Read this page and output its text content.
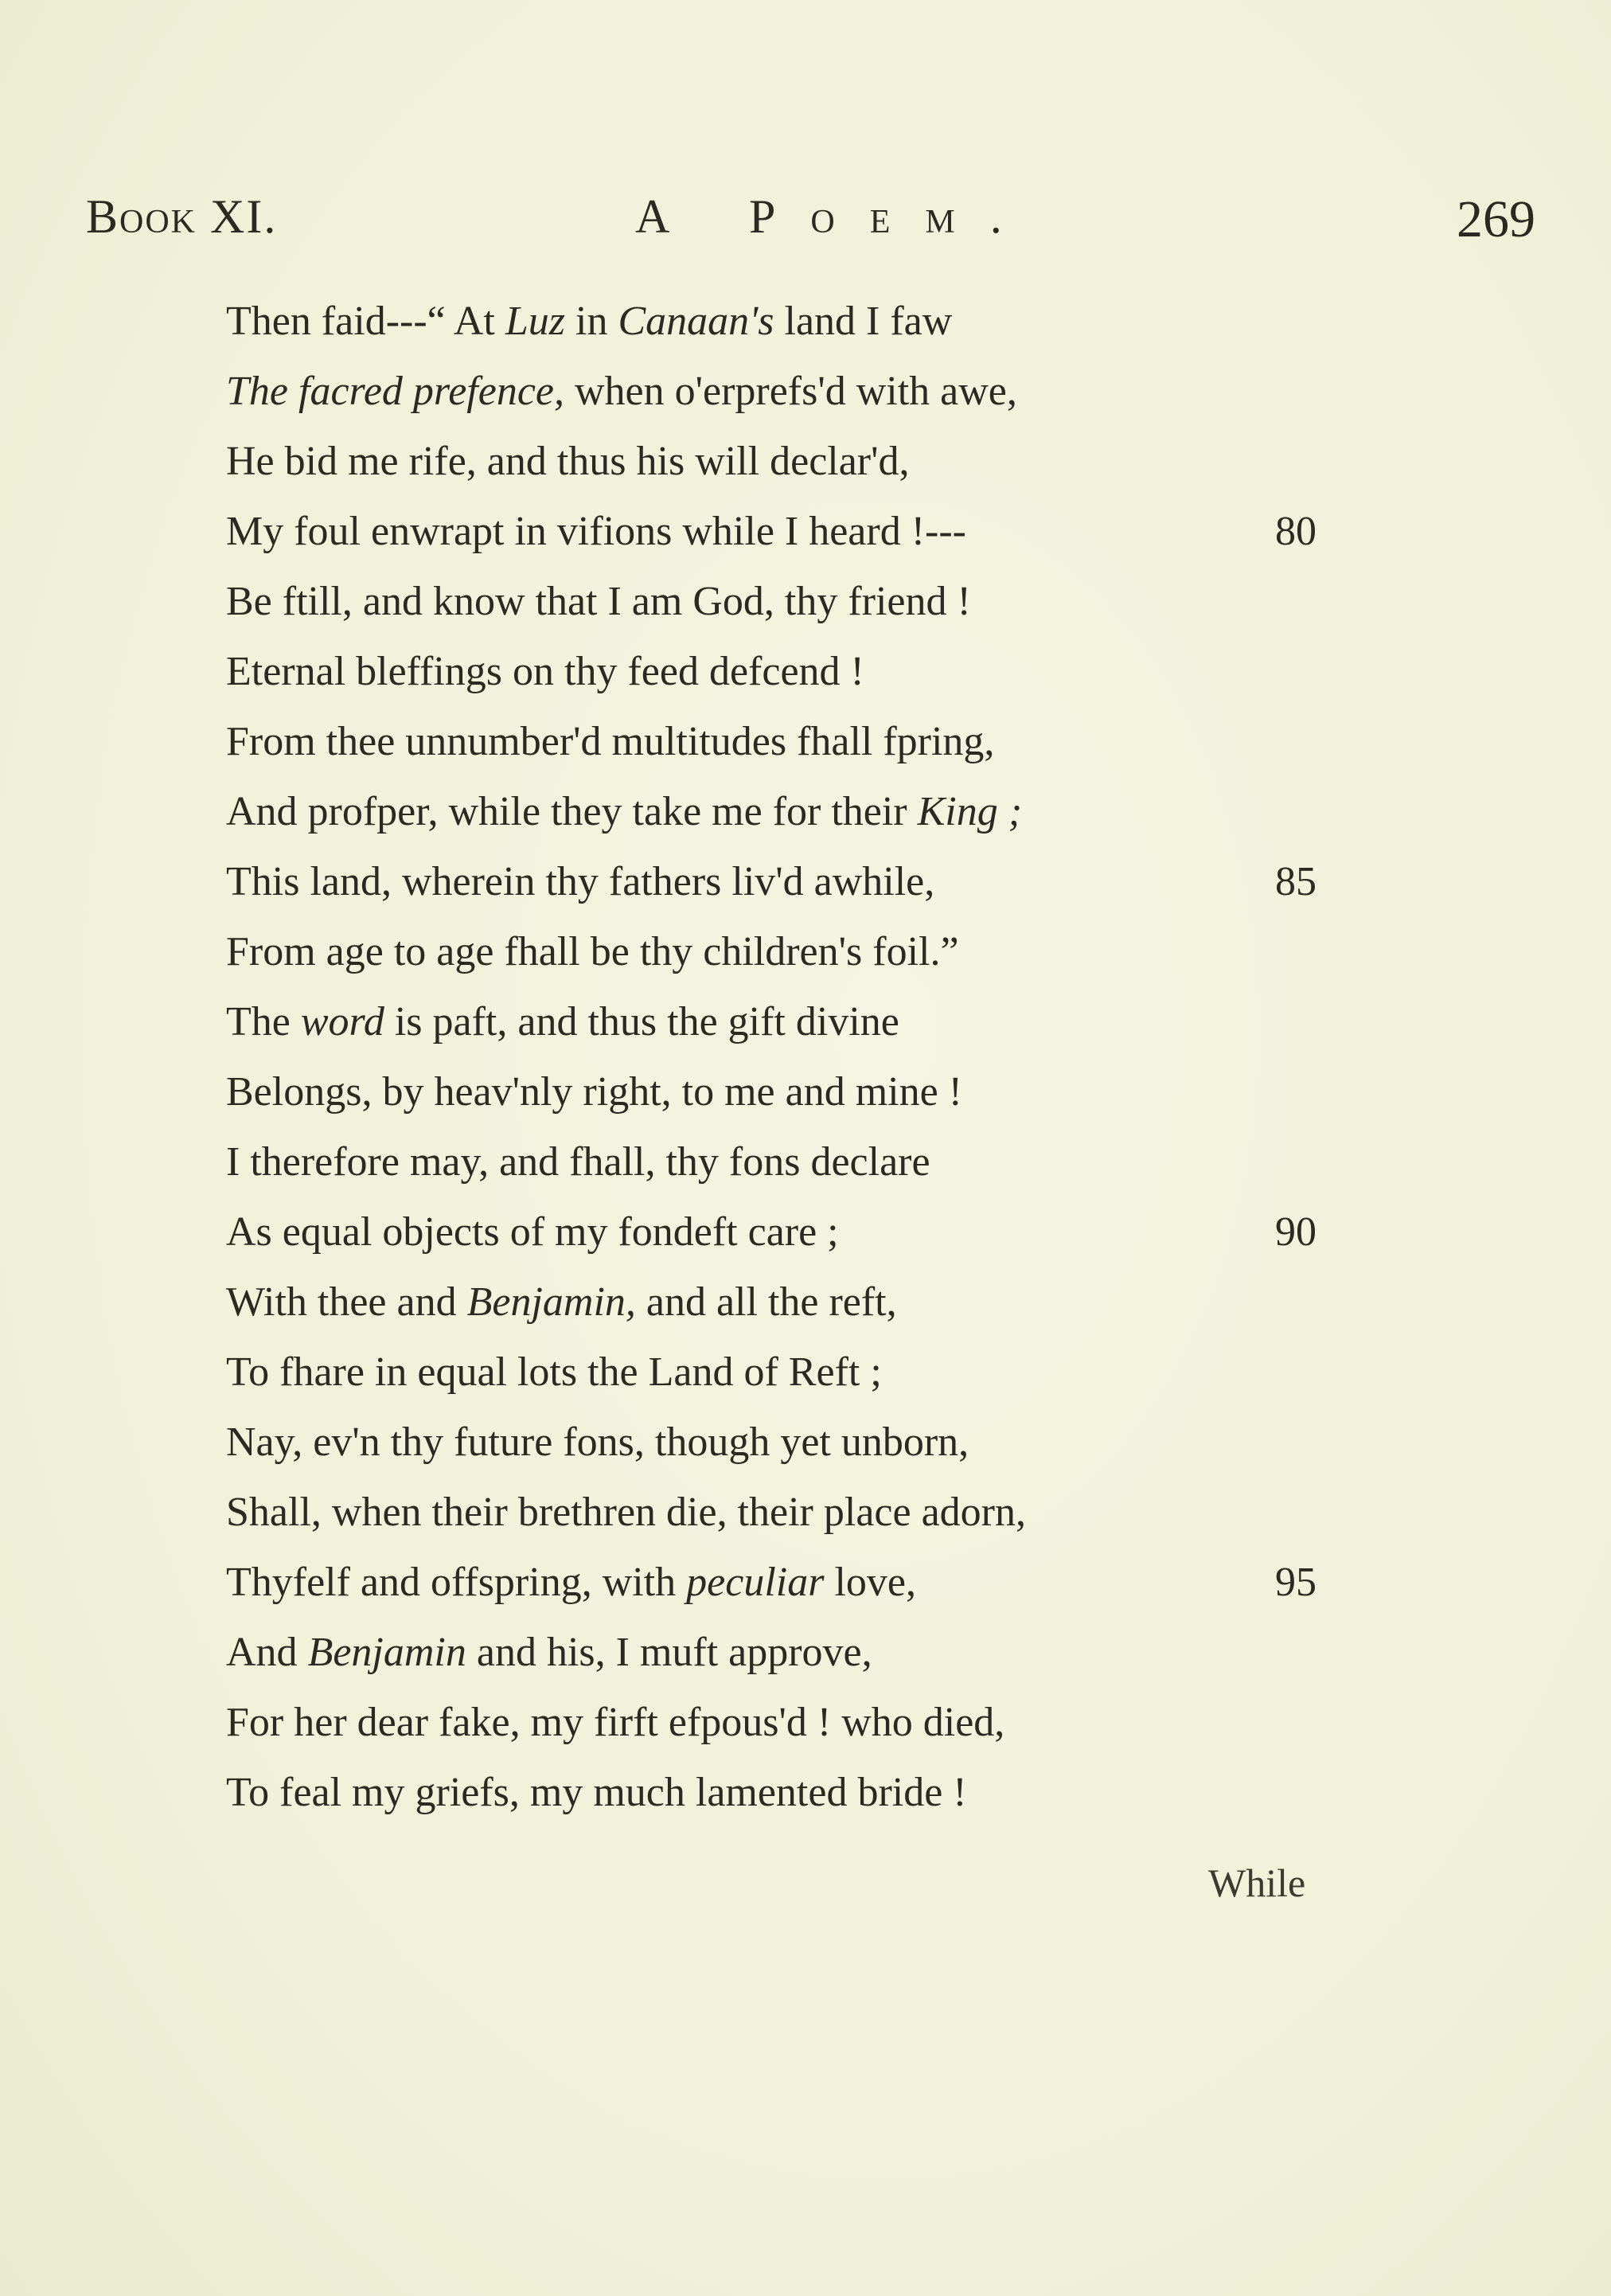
Book XI.	A Poem.	269
Then faid---“ At Luz in Canaan's land I faw
The facred prefence, when o'erprefs'd with awe,
He bid me rife, and thus his will declar'd,
My foul enwrapt in vifions while I heard !---	80
Be ftill, and know that I am God, thy friend !
Eternal bleffings on thy feed defcend !
From thee unnumber'd multitudes fhall fpring,
And profper, while they take me for their King ;
This land, wherein thy fathers liv'd awhile,	85
From age to age fhall be thy children's foil.”
The word is paft, and thus the gift divine
Belongs, by heav'nly right, to me and mine !
I therefore may, and fhall, thy fons declare
As equal objects of my fondeft care ;	90
With thee and Benjamin, and all the reft,
To fhare in equal lots the Land of Reft ;
Nay, ev'n thy future fons, though yet unborn,
Shall, when their brethren die, their place adorn,
Thyfelf and offspring, with peculiar love,	95
And Benjamin and his, I muft approve,
For her dear fake, my firft efpous'd ! who died,
To feal my griefs, my much lamented bride !
While
